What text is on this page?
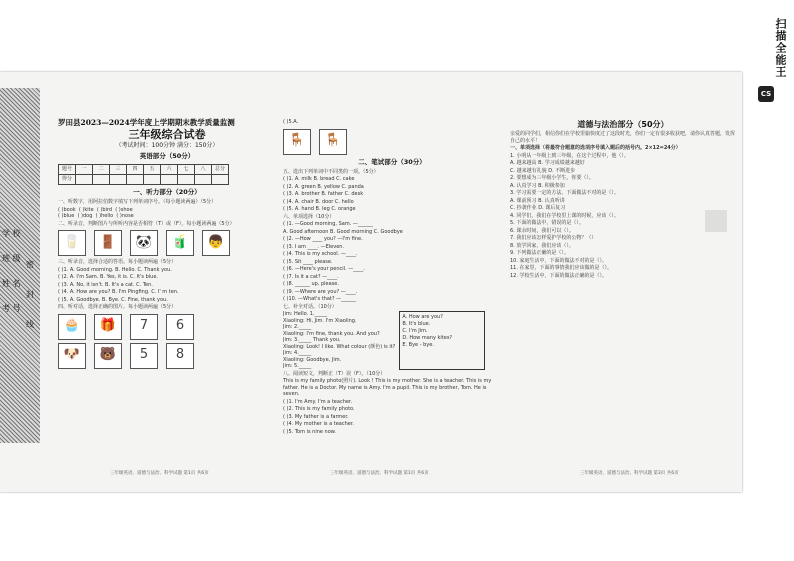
学 校
班 级
姓 名
考 号
密 封 线
罗田县2023—2024学年度上学期期末教学质量监测
三年级综合试卷
（考试时间：100分钟 满分：150分）
英语部分（50分）
题号	一	二	三	四	五	六	七	八	总分
得分									
一、听力部分（20分）
一、听数字，用阿拉伯数字填写下列单词序号。（每小题读两遍）（5分）
( )book ( )kite ( )bird ( )shoe
( )blue ( )dog ( )hello ( )nose
二、听录音，判断图片与所听内容是否相符（T）或（F），每小题读两遍（5分）
🥛	🚪	🐼	🧃	👦
三、听录音，选择合适的答语。每小题读两遍（5分）
( )1. A. Good morning. B. Hello. C. Thank you.
( )2. A. I'm Sam. B. Yes, it is. C. It's blue.
( )3. A. No, it isn't. B. It's a cat. C. Ten.
( )4. A. How are you? B. I'm Pingfing. C. I' m ten.
( )5. A. Goodbye. B. Bye. C. Fine, thank you.
四、听对话，选择正确的图片。每小题读两遍（5分）
🧁	🎁	7	6
🐶	🐻	5	8
( )5.A.
🪑	🪑
二、笔试部分（30分）
五、选出下列单词中不同类的一项。（5分）
( )1. A. milk B. bread C. cake
( )2. A. green B. yellow C. panda
( )3. A. brother B. father C. desk
( )4. A. chair B. door C. hello
( )5. A. hand B. leg C. orange
六、单项选择（10分）
( )1. —Good morning, Sam. —______
A. Good afternoon B. Good morning C. Goodbye
( )2. —How ____ you? —I'm fine.
( )3. I am ____. —Eleven.
( )4. This is my school. —____.
( )5. Sit ____ please.
( )6. —Here's your pencil. —____.
( )7. Is it a cat? —____.
( )8. ______ up, please.
( )9. —Where are you? —____.
( )10. —What's that? —______
七、补全对话。（10分）
Jim: Hello. 1._____
Xiaoling: Hi, Jim. I'm Xiaoling.
Jim: 2._____
Xiaoling: I'm fine, thank you. And you?
Jim: 3._____ Thank you.
Xiaoling: Look! I like. What colour (颜色) is it?
Jim: 4._____
Xiaoling: Goodbye, Jim.
Jim: 5._____
A. How are you?
B. It's blue.
C. I'm Jim.
D. How many kites?
E. Bye - bye.
八、阅读短文，判断正（T）误（F）。（10分）
This is my family photo(照片). Look ! This is my mother. She is a teacher. This is my father. He is a Doctor. My name is Amy. I'm a pupil. This is my brother, Tom. He is seven.
( )1. I'm Amy. I'm a teacher.
( )2. This is my family photo.
( )3. My father is a farmer.
( )4. My mother is a teacher.
( )5. Tom is nine now.
道德与法治部分（50分）
亲爱的同学们，相信你们在学校里愉快度过了这段时光，你们一定有很多收获吧，请你认真答题，发挥自己的水平！
一、单项选择（将最符合题意的选项序号填入题后的括号内。2×12=24分）
1. 小明从一年级上到三年级，在这个过程中，他（）。
A. 越来越高 B. 学习成绩越来越好
C. 越来越有礼貌 D. 不断进步
2. 要想成为三年级小学生，你要（）。
A. 认真学习 B. 积极参加
3. 学习需要一定的方法，下面做法不对的是（）。
A. 课前预习 B. 认真听讲
C. 抄袭作业 D. 课后复习
4. 同学们，我们在学校里上课的时候，应该（）。
5. 下面的做法中，错误的是（）。
6. 课余时间，我们可以（）。
7. 我们应该怎样爱护学校的公物？（）
8. 放学回家，我们应该（）。
9. 下列做法正确的是（）。
10. 家庭生活中，下面的做法不对的是（）。
11. 在家里，下面的事情我们应该做的是（）。
12. 学校生活中，下面的做法正确的是（）。
三年级英语、道德与法治、科学试题 第1页 共6页	三年级英语、道德与法治、科学试题 第1页 共6页	三年级英语、道德与法治、科学试题 第3页 共6页
CS
扫描全能王
